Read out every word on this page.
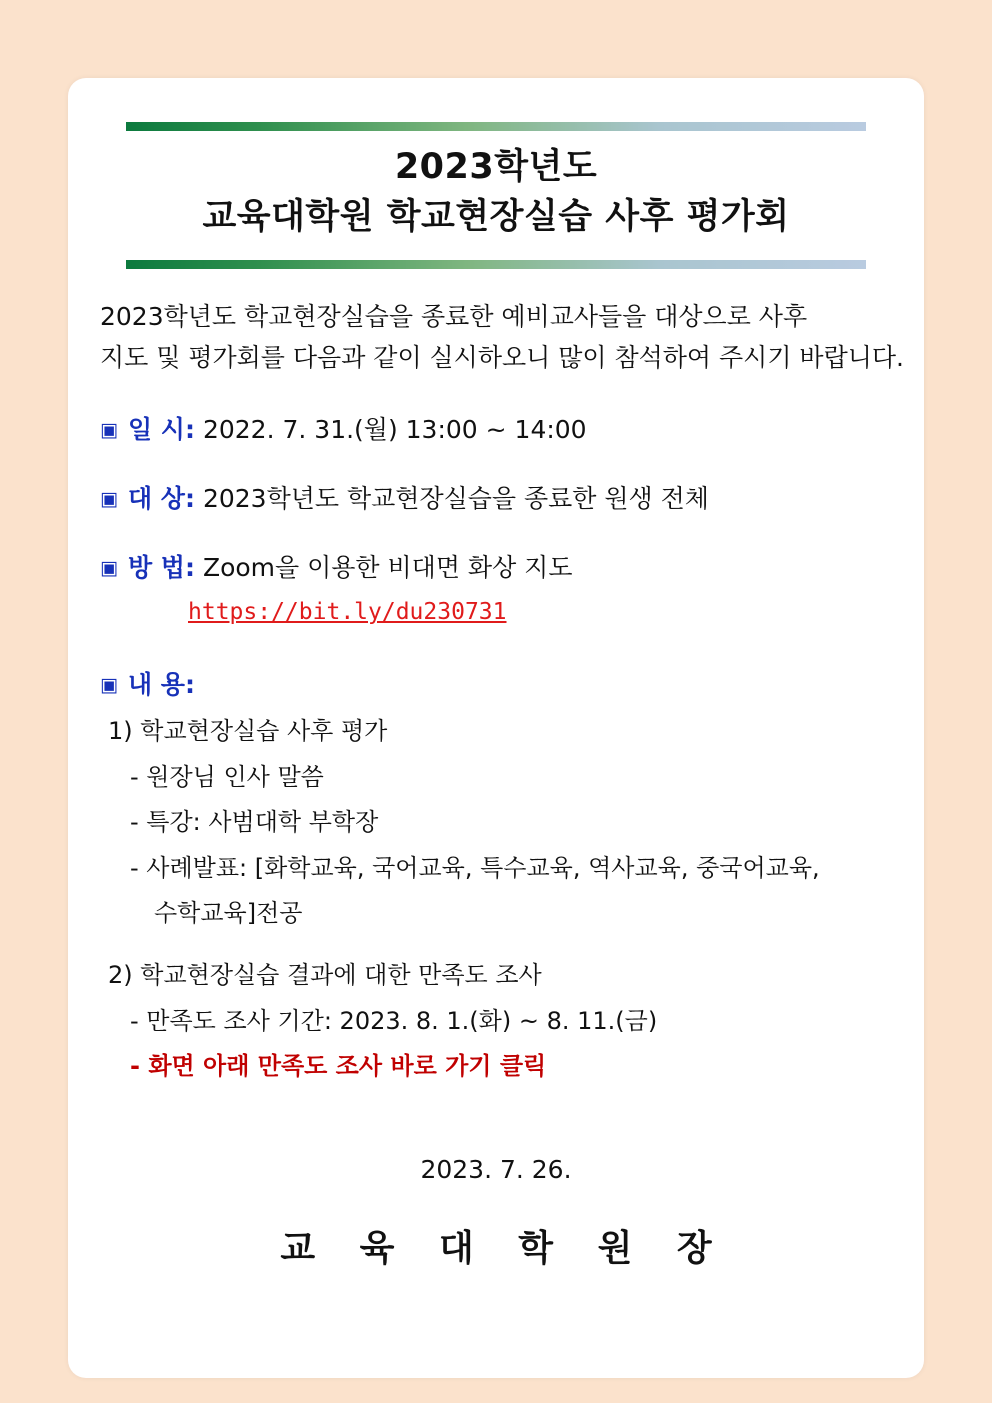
2023학년도
교육대학원 학교현장실습 사후 평가회
2023학년도 학교현장실습을 종료한 예비교사들을 대상으로 사후
지도 및 평가회를 다음과 같이 실시하오니 많이 참석하여 주시기 바랍니다.
▣ 일 시: 2022. 7. 31.(월) 13:00 ~ 14:00
▣ 대 상: 2023학년도 학교현장실습을 종료한 원생 전체
▣ 방 법: Zoom을 이용한 비대면 화상 지도
https://bit.ly/du230731
▣ 내 용:
1) 학교현장실습 사후 평가
- 원장님 인사 말씀
- 특강: 사범대학 부학장
- 사례발표: [화학교육, 국어교육, 특수교육, 역사교육, 중국어교육,
수학교육]전공
2) 학교현장실습 결과에 대한 만족도 조사
- 만족도 조사 기간: 2023. 8. 1.(화) ~ 8. 11.(금)
- 화면 아래 만족도 조사 바로 가기 클릭
2023. 7. 26.
교 육 대 학 원 장
